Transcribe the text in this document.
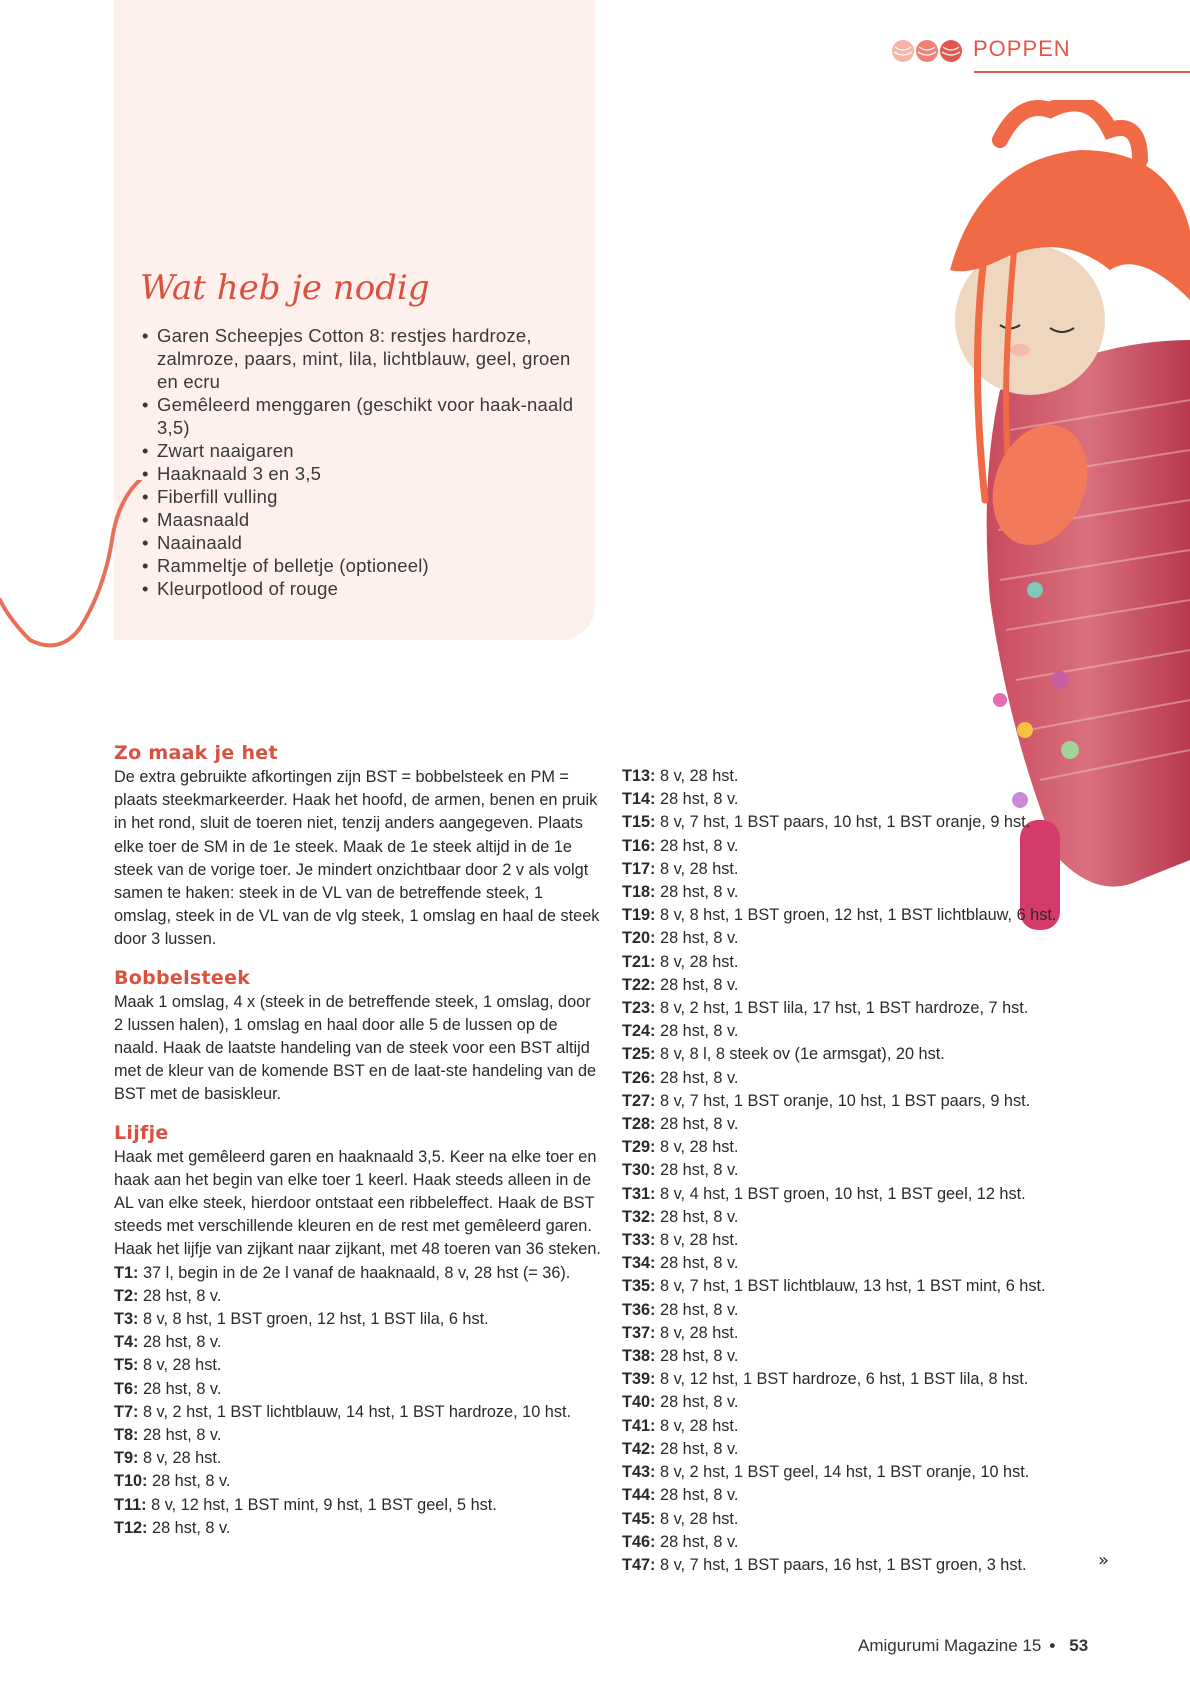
POPPEN
Wat heb je nodig
• Garen Scheepjes Cotton 8: restjes hardroze, zalmroze, paars, mint, lila, lichtblauw, geel, groen en ecru
• Gemêleerd menggaren (geschikt voor haak-naald 3,5)
• Zwart naaigaren
• Haaknaald 3 en 3,5
• Fiberfill vulling
• Maasnaald
• Naainaald
• Rammeltje of belletje (optioneel)
• Kleurpotlood of rouge
Zo maak je het

De extra gebruikte afkortingen zijn BST = bobbelsteek en PM = plaats steekmarkeerder. Haak het hoofd, de armen, benen en pruik in het rond, sluit de toeren niet, tenzij anders aangegeven. Plaats elke toer de SM in de 1e steek. Maak de 1e steek altijd in de 1e steek van de vorige toer. Je mindert onzichtbaar door 2 v als volgt samen te haken: steek in de VL van de betreffende steek, 1 omslag, steek in de VL van de vlg steek, 1 omslag en haal de steek door 3 lussen.

Bobbelsteek

Maak 1 omslag, 4 x (steek in de betreffende steek, 1 omslag, door 2 lussen halen), 1 omslag en haal door alle 5 de lussen op de naald. Haak de laatste handeling van de steek voor een BST altijd met de kleur van de komende BST en de laat-ste handeling van de BST met de basiskleur.

Lijfje

Haak met gemêleerd garen en haaknaald 3,5. Keer na elke toer en haak aan het begin van elke toer 1 keerl. Haak steeds alleen in de AL van elke steek, hierdoor ontstaat een ribbeleffect. Haak de BST steeds met verschillende kleuren en de rest met gemêleerd garen. Haak het lijfje van zijkant naar zijkant, met 48 toeren van 36 steken.

T1: 37 l, begin in de 2e l vanaf de haaknaald, 8 v, 28 hst (= 36).
T2: 28 hst, 8 v.
T3: 8 v, 8 hst, 1 BST groen, 12 hst, 1 BST lila, 6 hst.
T4: 28 hst, 8 v.
T5: 8 v, 28 hst.
T6: 28 hst, 8 v.
T7: 8 v, 2 hst, 1 BST lichtblauw, 14 hst, 1 BST hardroze, 10 hst.
T8: 28 hst, 8 v.
T9: 8 v, 28 hst.
T10: 28 hst, 8 v.
T11: 8 v, 12 hst, 1 BST mint, 9 hst, 1 BST geel, 5 hst.
T12: 28 hst, 8 v.
T13: 8 v, 28 hst.
T14: 28 hst, 8 v.
T15: 8 v, 7 hst, 1 BST paars, 10 hst, 1 BST oranje, 9 hst.
T16: 28 hst, 8 v.
T17: 8 v, 28 hst.
T18: 28 hst, 8 v.
T19: 8 v, 8 hst, 1 BST groen, 12 hst, 1 BST lichtblauw, 6 hst.
T20: 28 hst, 8 v.
T21: 8 v, 28 hst.
T22: 28 hst, 8 v.
T23: 8 v, 2 hst, 1 BST lila, 17 hst, 1 BST hardroze, 7 hst.
T24: 28 hst, 8 v.
T25: 8 v, 8 l, 8 steek ov (1e armsgat), 20 hst.
T26: 28 hst, 8 v.
T27: 8 v, 7 hst, 1 BST oranje, 10 hst, 1 BST paars, 9 hst.
T28: 28 hst, 8 v.
T29: 8 v, 28 hst.
T30: 28 hst, 8 v.
T31: 8 v, 4 hst, 1 BST groen, 10 hst, 1 BST geel, 12 hst.
T32: 28 hst, 8 v.
T33: 8 v, 28 hst.
T34: 28 hst, 8 v.
T35: 8 v, 7 hst, 1 BST lichtblauw, 13 hst, 1 BST mint, 6 hst.
T36: 28 hst, 8 v.
T37: 8 v, 28 hst.
T38: 28 hst, 8 v.
T39: 8 v, 12 hst, 1 BST hardroze, 6 hst, 1 BST lila, 8 hst.
T40: 28 hst, 8 v.
T41: 8 v, 28 hst.
T42: 28 hst, 8 v.
T43: 8 v, 2 hst, 1 BST geel, 14 hst, 1 BST oranje, 10 hst.
T44: 28 hst, 8 v.
T45: 8 v, 28 hst.
T46: 28 hst, 8 v.
T47: 8 v, 7 hst, 1 BST paars, 16 hst, 1 BST groen, 3 hst.	»
Amigurumi Magazine 15 • 53
